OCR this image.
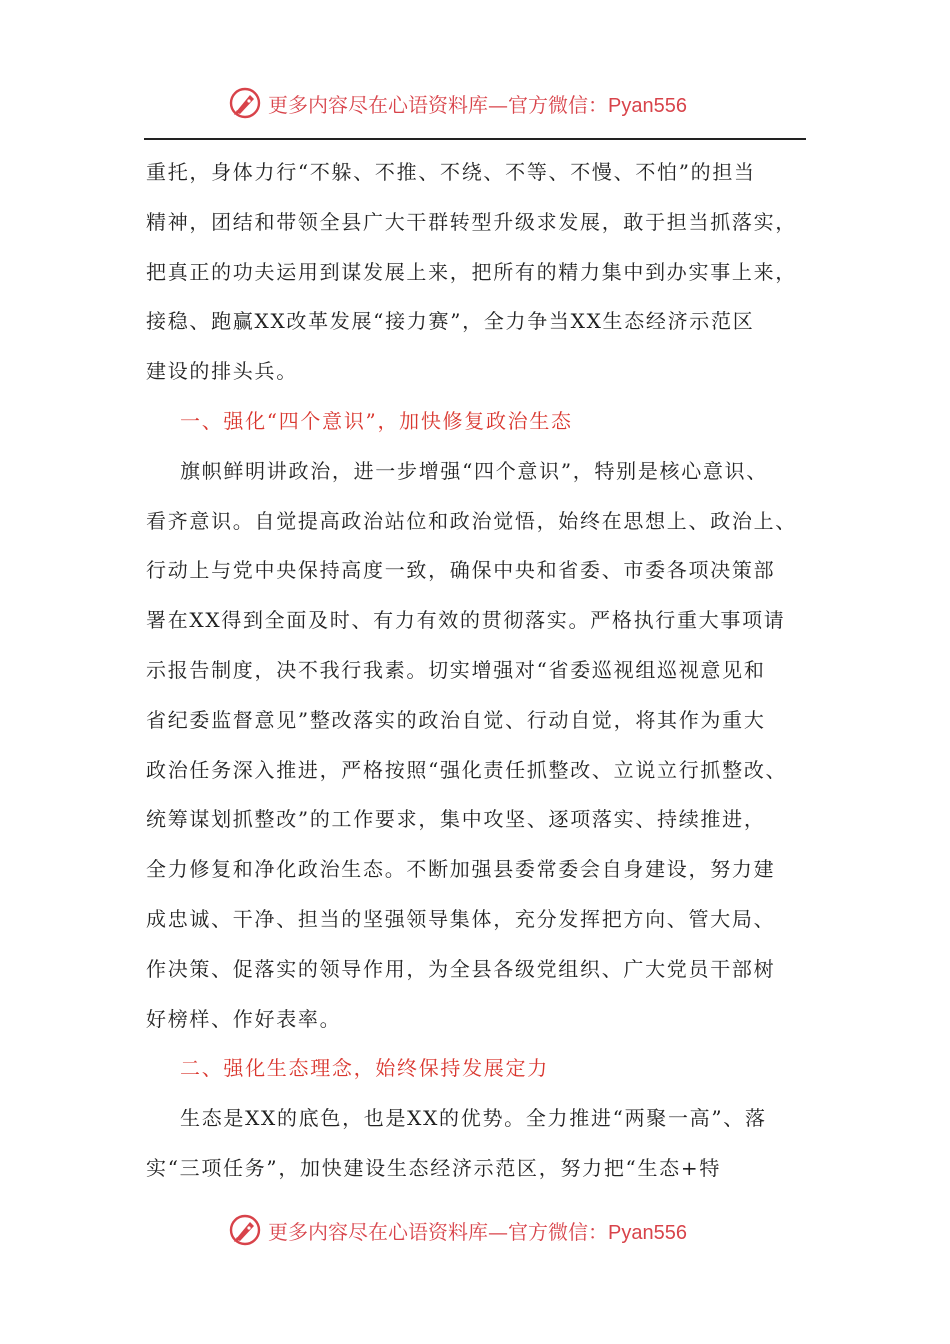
更多内容尽在心语资料库—官方微信：Pyan556
重托，身体力行“不躲、不推、不绕、不等、不慢、不怕”的担当
精神，团结和带领全县广大干群转型升级求发展，敢于担当抓落实，
把真正的功夫运用到谋发展上来，把所有的精力集中到办实事上来，
接稳、跑赢XX改革发展“接力赛”，全力争当XX生态经济示范区
建设的排头兵。
一、强化“四个意识”，加快修复政治生态
旗帜鲜明讲政治，进一步增强“四个意识”，特别是核心意识、
看齐意识。自觉提高政治站位和政治觉悟，始终在思想上、政治上、
行动上与党中央保持高度一致，确保中央和省委、市委各项决策部
署在XX得到全面及时、有力有效的贯彻落实。严格执行重大事项请
示报告制度，决不我行我素。切实增强对“省委巡视组巡视意见和
省纪委监督意见”整改落实的政治自觉、行动自觉，将其作为重大
政治任务深入推进，严格按照“强化责任抓整改、立说立行抓整改、
统筹谋划抓整改”的工作要求，集中攻坚、逐项落实、持续推进，
全力修复和净化政治生态。不断加强县委常委会自身建设，努力建
成忠诚、干净、担当的坚强领导集体，充分发挥把方向、管大局、
作决策、促落实的领导作用，为全县各级党组织、广大党员干部树
好榜样、作好表率。
二、强化生态理念，始终保持发展定力
生态是XX的底色，也是XX的优势。全力推进“两聚一高”、落
实“三项任务”，加快建设生态经济示范区，努力把“生态+特
更多内容尽在心语资料库—官方微信：Pyan556
